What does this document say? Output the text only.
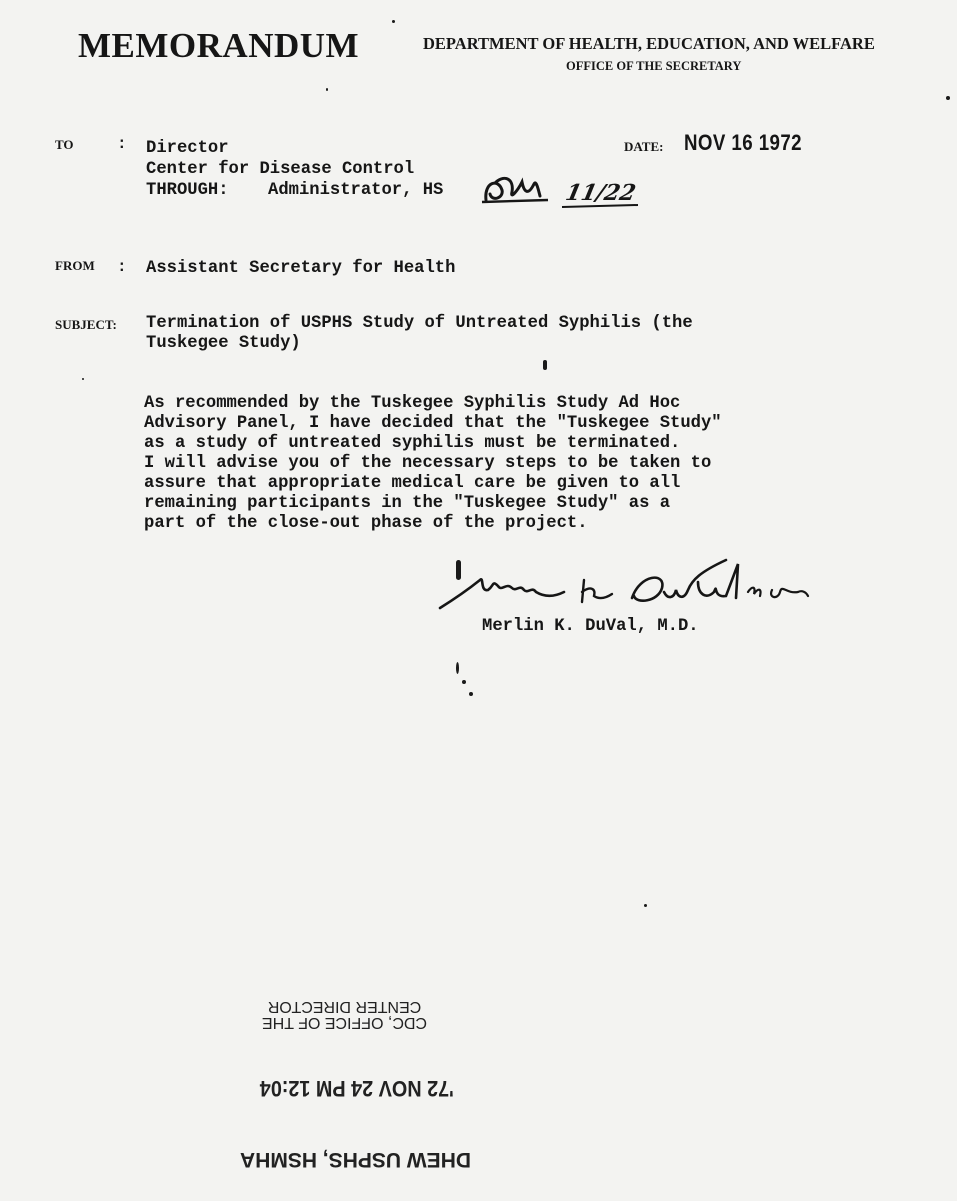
MEMORANDUM	DEPARTMENT OF HEALTH, EDUCATION, AND WELFARE
OFFICE OF THE SECRETARY
TO	: Director
Center for Disease Control
THROUGH: Administrator, HS	11/22
DATE: NOV 16 1972
FROM : Assistant Secretary for Health
SUBJECT: Termination of USPHS Study of Untreated Syphilis (the
Tuskegee Study)
As recommended by the Tuskegee Syphilis Study Ad Hoc
Advisory Panel, I have decided that the "Tuskegee Study"
as a study of untreated syphilis must be terminated.
I will advise you of the necessary steps to be taken to
assure that appropriate medical care be given to all
remaining participants in the "Tuskegee Study" as a
part of the close-out phase of the project.
Merlin K. DuVal, M.D.
CDC, OFFICE OF THE
CENTER DIRECTOR
'72 NOV 24 PM 12:04
DHEW USPHS, HSMHA
